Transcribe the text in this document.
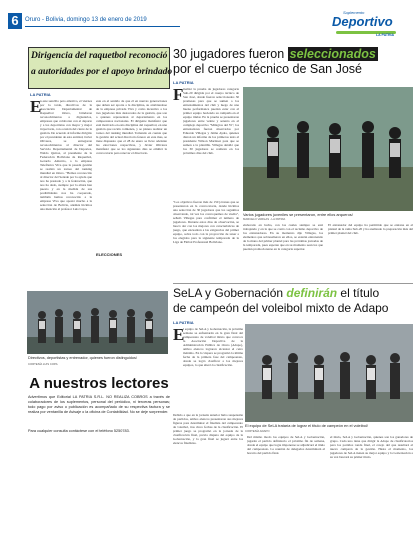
6	Oruro - Bolivia, domingo 13 de enero de 2019
Suplemento
Deportivo
LA PATRIA
Dirigencia del raquetbol reconoció
a autoridades por el apoyo brindado
LA PATRIA
E
n este sencillo pero emotivo, el viernes por la tarde, directivos de la Asociación Departamental de Raquetbol Oruro, brindaron reconocimientos a dignatarios, empresas que colaboran con el deporte y a los deportistas con mayor y mejor trayectoria, con ocasión del cierre de la gestión. De acuerdo al informe dirigido por el presidente de esta entidad, Javier Olivares, se entregaron reconocimientos al director del Servicio Departamental de Deportes, Waldo Quiroz, al presidente de la Federación Boliviana de Raquetbol, Gerardo Amurrio, a la empresa Telefónica Viva que la pasada gestión se realizó un torneo del ranking mundial en Oruro. "Hemos reconocido al director del Sedede por la ayuda que nos ha prestado y a la federación, que nos ha dado, siempre por la altura han puesto y en la medida de sus posibilidades nos ha cooperado, también hemos reconocido a la empresa Viva que apostó mucho a la selección de Bolivia, además hicimos una mención al profesor Luis Copa.
esta en el sentido de que él en nuevas generaciones que deben ser aporte a la disciplina, su atrabiandose de la empresa privada Viva y como incentivo a los tres jugadores más destacados de la gestión, que son a quienes representan al departamento en los campeonatos nacionales. El dirigente manifestó que está motivado en esta disciplina del raquetbol, en una gestión que recién comienza, y se planea realizar un torneo del ranking mundial. Tomando en cuenta que la gestión del actual directorio fenece en este mes, se tiene dispuesto que el 28 de enero se lleve adelante las elecciones respectivas, y Javier Olivares manifestó que se los siguientes días se emitirá la convocatoria para renovar el directorio.
ELECCIONES
Directivos, deportistas y entrenador, quienes fueron distinguidos/
CORTESÍA LUIS COPA
A nuestros lectores
Advertimos que Editorial LA PATRIA S.R.L. NO REALIZA COBROS a través de colaboradores de los suplementos, personal del periódico, ni terceras personas; todo pago por aviso o publicación es acompañado de su respectiva factura y se realiza por ventanilla de Avisaje o la oficina de Contabilidad. No se deje sorprender.
Para cualquier consulta contáctese con el teléfono 5250783.
30 jugadores fueron seleccionados
por el cuerpo técnico de San José
LA PATRIA
F inalizó la prueba de jugadores categoría Sub-20 dirigida por el cuerpo técnico de San José, donde fueron seleccionados 30 promesas para que se sumen a los entrenamientos del club y luego de una buena performance puedan estar con el primer equipo haciendo su campaña en el equipo titular. En la prueba se presentaron jugadores entre veinte y setenta en el complejo deportivo "Milagros del 55", los entrenadores fueron observados por Eduardo Villegas y Jaime Ayala, quienes dieron un informe de los primeros tests al presidente Wilson Martínez para que se sumen a la plantilla. Villegas detalló que los 30 jugadores se realizan en los próximos días del club.
"Los objetivos fueron más de 150 jóvenes que se presentaron en la convocatoria, donde hicimos una selección de 30 jugadores que los seguimos observando, tal vez los convoquemos de vuelta", señaló Villegas para confirmar el número de jugadores. Durante estos días de observación, se buscó dar con los mejores con características de juego, que encuadren a las exigencias del primer equipo, sobre todo con la proyección de tener a los elegidos para la siguiente temporada de la Liga de Fútbol Profesional Boliviano.
Varios jugadores juveniles se presentaron, entre ellos arqueros/
MARCELO VARGAS - LA PATRIA
elaborado en lucha, con las cuales siempre se está trabajando y en la que se contó con el reclamo deportivo de los entrenadores. En su momento dijo Villegas, los elementos que sobresalieron en ellos, se estarán entrenando de la mano del primer plantel para las próximas jornadas de la temporada, pues esperan que en su momento sean los que puedan promocionarse en la categoría superior.
El entrenador del equipo ha permitido que se entrene en el plantel de la rama Sub-20 y ha analizado la preparación más del primer plantel del club.
SeLA y Gobernación definirán el título
de campeón del voleibol mixto de Adapo
LA PATRIA
E
l equipo de SeLA y Gobernación, la próxima semana se enfrentarán en la gran final del campeonato de voleibol mixto que convoca la Asociación Deportiva de la Administración Pública de Oruro (Adapo), ambos elencos lograron alcanzar el cetro máximo. En la víspera se programó la última fecha de la primera fase del campeonato, donde se logró clasificar a los mejores equipos, lo que alteró la clasificación.
Debido a que en la jornada anterior hubo suspensión de partidos, ambos elencos presentaron sus mejores figuras para determinar el finalista del campeonato de voleibol, tras cinco fechas de la clasificación. El primer juego se programó en la jornada de la clasificación final, previa disputa del equipo de la Gobernación, y la gran final se jugará entre los elencos finalistas.
El equipo de SeLA trataría de lograr el título de campeón en el voleibol/
CORTESÍA ADAPO
Del mismo modo los equipos de SeLA y Gobernación, jugarán el partido definitorio el próximo fin de semana, donde el equipo que logre imponerse se adjudicará el título del campeonato. La reunión de delegados determinará el horario del partido final.
el título, SeLA y Gobernación, quienes son los ganadores de grupo. Cada uno tiene que dirigir la Adapo de clasificatorios para los partidos ronda final, el cotejo del que resultará el nuevo campeón de la gestión. Hasta el momento, los jugadores de SeLA tienen su mejor equipo y la Gobernación a su vez buscará su primer título.
